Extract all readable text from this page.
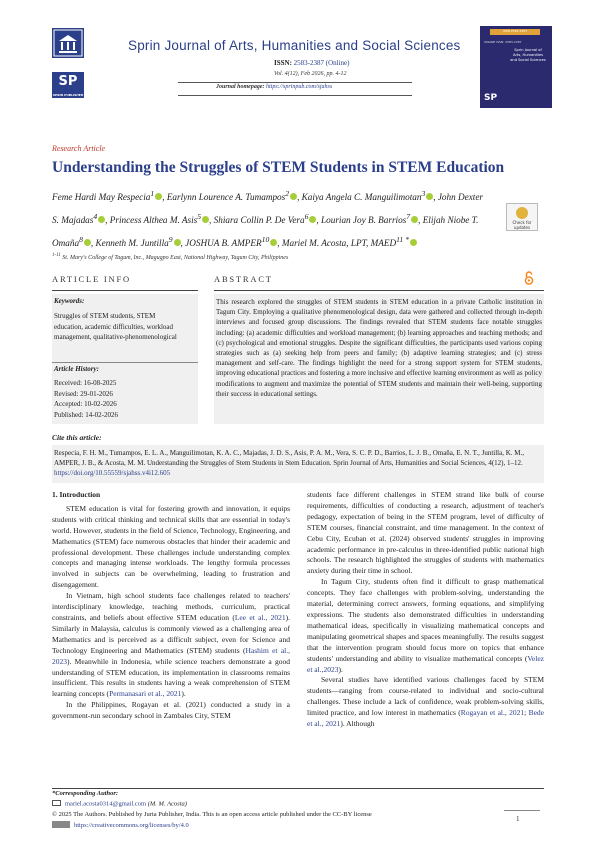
SP
SPRIN PUBLISHER
Sprin Journal of Arts, Humanities and Social Sciences
ISSN: 2583-2387 (Online)
Vol. 4(12), Feb 2026, pp. 4-12
Journal homepage: https://sprinpub.com/sjahss
ISSN 2583-2387
ONLINE ISSN: 2583-2387
Sprin Journal of Arts, Humanities and Social Sciences
SP
Research Article
Understanding the Struggles of STEM Students in STEM Education
Feme Hardi May Respecia$^1$ , Earlynn Lourence A. Tumampos$^2$ , Kaiya Angela C. Manguilimotan$^3$ , John Dexter S. Majadas$^4$ , Princess Althea M. Asis$^5$ , Shiara Collin P. De Vera$^6$ , Lourian Joy B. Barrios$^7$ , Elijah Niobe T. Omaña$^8$ , Kenneth M. Juntilla$^9$ , JOSHUA B. AMPER$^{10}$ , Mariel M. Acosta, LPT, $MAED^{11 *}$
Check for updates
$^{1-11}$ St. Mary's College of Tagum, Inc., Magugpo East, National Highway, Tagum City, Philippines
ARTICLE INFO	ABSTRACT
Keywords:
Struggles of STEM students, STEM education, academic difficulties, workload management, qualitative-phenomenological
Article History:
Received: 16-08-2025
Revised: 29-01-2026
Accepted: 10-02-2026
Published: 14-02-2026
This research explored the struggles of STEM students in STEM education in a private Catholic institution in Tagum City. Employing a qualitative phenomenological design, data were gathered and collected through in-depth interviews and focused group discussions. The findings revealed that STEM students face notable struggles including: (a) academic difficulties and workload management; (b) learning approaches and teaching methods; and (c) psychological and emotional struggles. Despite the significant difficulties, the participants used various coping strategies such as (a) seeking help from peers and family; (b) adaptive learning strategies; and (c) stress management and self-care. The findings highlight the need for a strong support system for STEM students, improving educational practices and fostering a more inclusive and effective learning environment as well as policy modifications to augment and maximize the potential of STEM students and maintain their well-being, supporting their success in educational settings.
Cite this article:
Respecia, F. H. M., Tumampos, E. L. A., Manguilimotan, K. A. C., Majadas, J. D. S., Asis, P. A. M., Vera, S. C. P. D., Barrios, L. J. B., Omaña, E. N. T., Juntilla, K. M., AMPER, J. B., & Acosta, M. M. Understanding the Struggles of Stem Students in Stem Education. Sprin Journal of Arts, Humanities and Social Sciences, 4(12), 1–12. https://doi.org/10.55559/sjahss.v4i12.605
1. Introduction

STEM education is vital for fostering growth and innovation, it equips students with critical thinking and technical skills that are essential in today's world. However, students in the field of Science, Technology, Engineering, and Mathematics (STEM) face numerous obstacles that hinder their academic and professional development. These challenges include understanding complex concepts and managing intense workloads. The lengthy formula processes involved in subjects can be overwhelming, leading to frustration and disengagement.

In Vietnam, high school students face challenges related to teachers' interdisciplinary knowledge, teaching methods, curriculum, practical constraints, and beliefs about effective STEM education (Lee et al., 2021). Similarly in Malaysia, calculus is commonly viewed as a challenging area of Mathematics and is perceived as a difficult subject, even for Science and Technology Engineering and Mathematics (STEM) students (Hashim et al., 2023). Meanwhile in Indonesia, while science teachers demonstrate a good understanding of STEM education, its implementation in classrooms remains insufficient. This results in students having a weak comprehension of STEM learning concepts (Permanasari et al., 2021).

In the Philippines, Rogayan et al. (2021) conducted a study in a government-run secondary school in Zambales City, STEM

students face different challenges in STEM strand like bulk of course requirements, difficulties of conducting a research, adjustment of teacher's pedagogy, expectation of being in the STEM program, level of difficulty of STEM courses, financial constraint, and time management. In the context of Cebu City, Ecuban et al. (2024) observed students' struggles in improving academic performance in pre-calculus in three-identified public national high schools. The research highlighted the struggles of students with mathematics anxiety during their time in school.

In Tagum City, students often find it difficult to grasp mathematical concepts. They face challenges with problem-solving, understanding the material, determining correct answers, forming equations, and simplifying expressions. The students also demonstrated difficulties in understanding mathematical ideas, specifically in visualizing mathematical concepts and manipulating geometrical shapes and spaces meaningfully. The results suggest that the intervention program should focus more on topics that enhance students' understanding and ability to visualize mathematical concepts (Velez et al.,2023).

Several studies have identified various challenges faced by STEM students—ranging from course-related to individual and socio-cultural challenges. These include a lack of confidence, weak problem-solving skills, limited practice, and low interest in mathematics (Rogayan et al., 2021; Bede et al., 2021). Although

*Corresponding Author:
mariel.acosta0314@gmail.com (M. M. Acosta)
© 2025 The Authors. Published by Jurta Publisher, India. This is an open access article published under the CC-BY license
https://creativecommons.org/licenses/by/4.0
1
